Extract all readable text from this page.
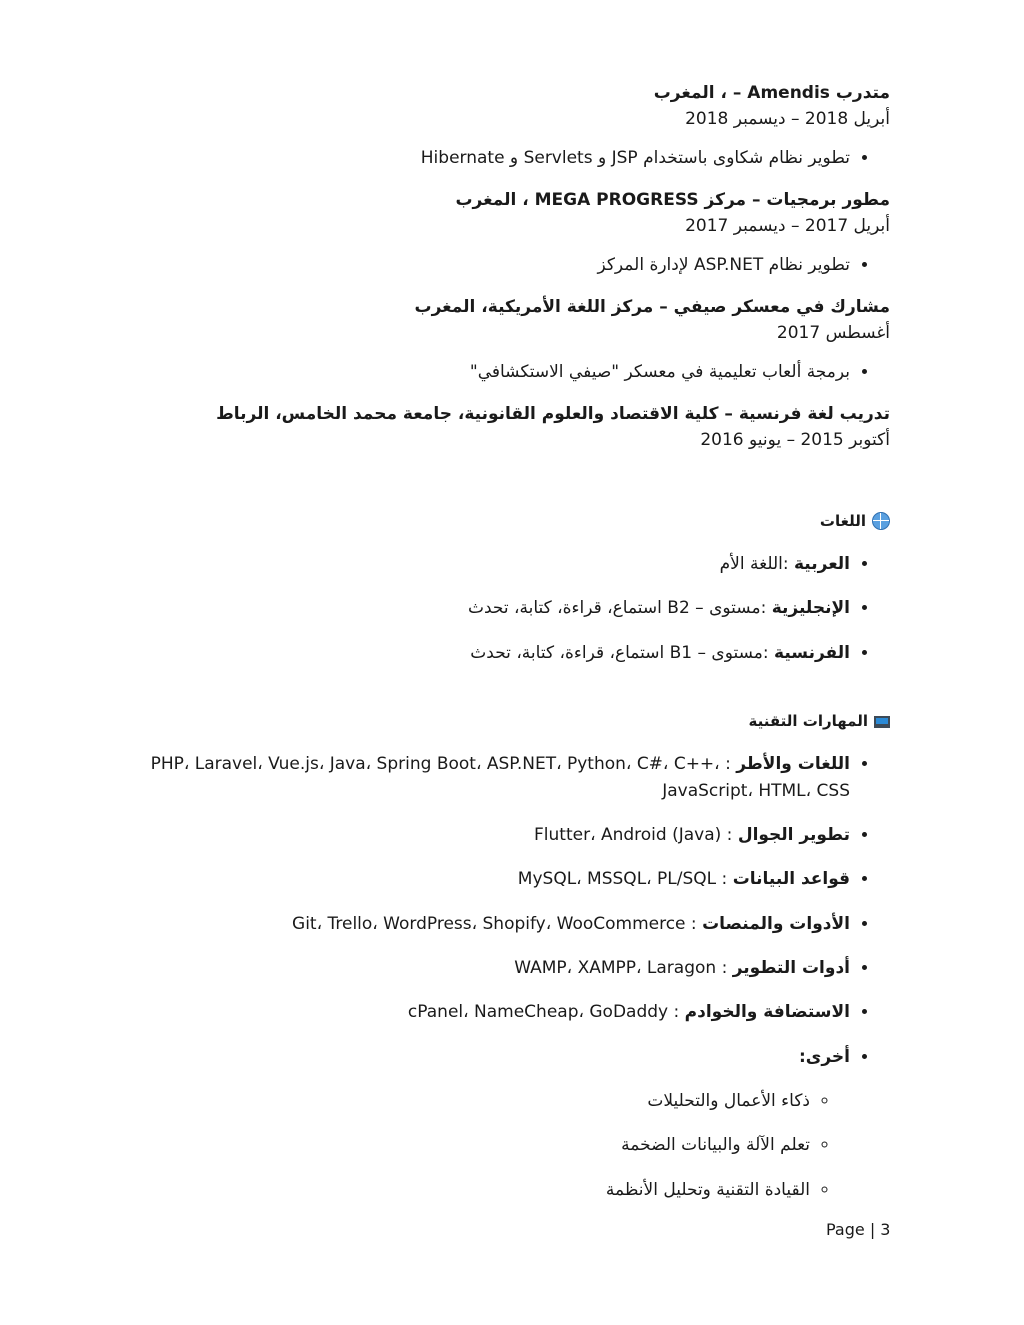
متدرب Amendis – ، المغرب
أبريل 2018 – ديسمبر 2018
• تطوير نظام شكاوى باستخدام JSP و Servlets و Hibernate
مطور برمجيات – مركز MEGA PROGRESS ، المغرب
أبريل 2017 – ديسمبر 2017
• تطوير نظام ASP.NET لإدارة المركز
مشارك في معسكر صيفي – مركز اللغة الأمريكية، المغرب
أغسطس 2017
• برمجة ألعاب تعليمية في معسكر "صيفي الاستكشافي"
تدريب لغة فرنسية – كلية الاقتصاد والعلوم القانونية، جامعة محمد الخامس، الرباط
أكتوبر 2015 – يونيو 2016
اللغات
• العربية :اللغة الأم
• الإنجليزية :مستوى – B2 استماع، قراءة، كتابة، تحدث
• الفرنسية :مستوى – B1 استماع، قراءة، كتابة، تحدث
المهارات التقنية
• اللغات والأطر : PHP، Laravel، Vue.js، Java، Spring Boot، ASP.NET، Python، C#، C++، JavaScript، HTML، CSS
• تطوير الجوال : Flutter، Android (Java)
• قواعد البيانات : MySQL، MSSQL، PL/SQL
• الأدوات والمنصات : Git، Trello، WordPress، Shopify، WooCommerce
• أدوات التطوير : WAMP، XAMPP، Laragon
• الاستضافة والخوادم : cPanel، NameCheap، GoDaddy
• أخرى:
◦ ذكاء الأعمال والتحليلات
◦ تعلم الآلة والبيانات الضخمة
◦ القيادة التقنية وتحليل الأنظمة
Page | 3
